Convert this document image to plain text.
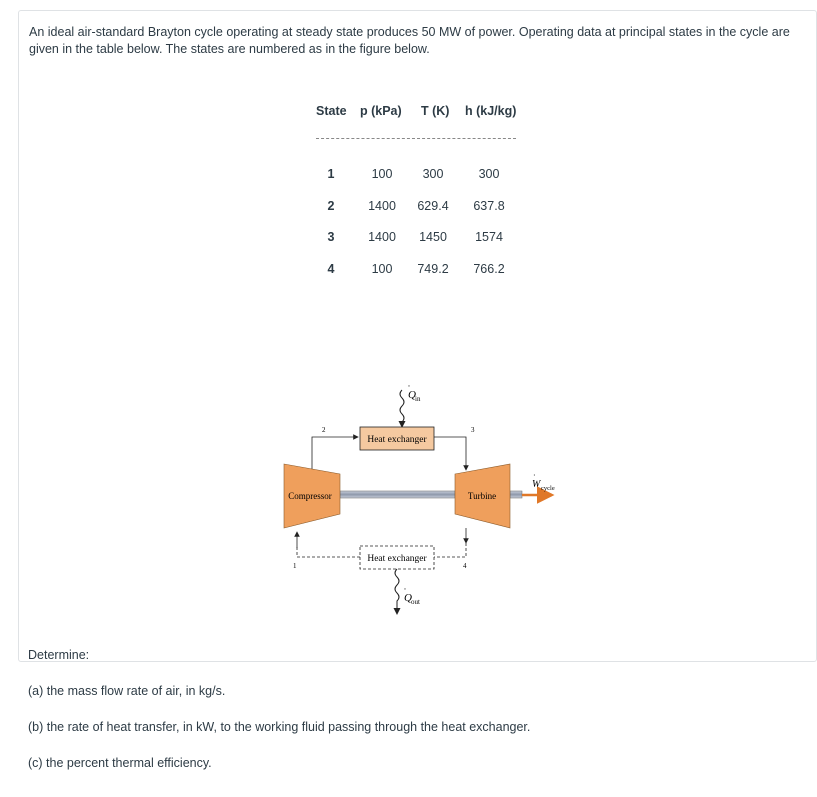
An ideal air-standard Brayton cycle operating at steady state produces 50 MW of power. Operating data at principal states in the cycle are given in the table below. The states are numbered as in the figure below.

State p (kPa) T (K) h (kJ/kg)
1	100	300	300
2	1400	629.4	637.8
3	1400	1450	1574
4	100	749.2	766.2
Q in
·
Heat exchanger
2	3
Compressor	Turbine
W cycle
·
Heat exchanger
4
1
Q out
·

Determine:

(a) the mass flow rate of air, in kg/s.

(b) the rate of heat transfer, in kW, to the working fluid passing through the heat exchanger.

(c) the percent thermal efficiency.
